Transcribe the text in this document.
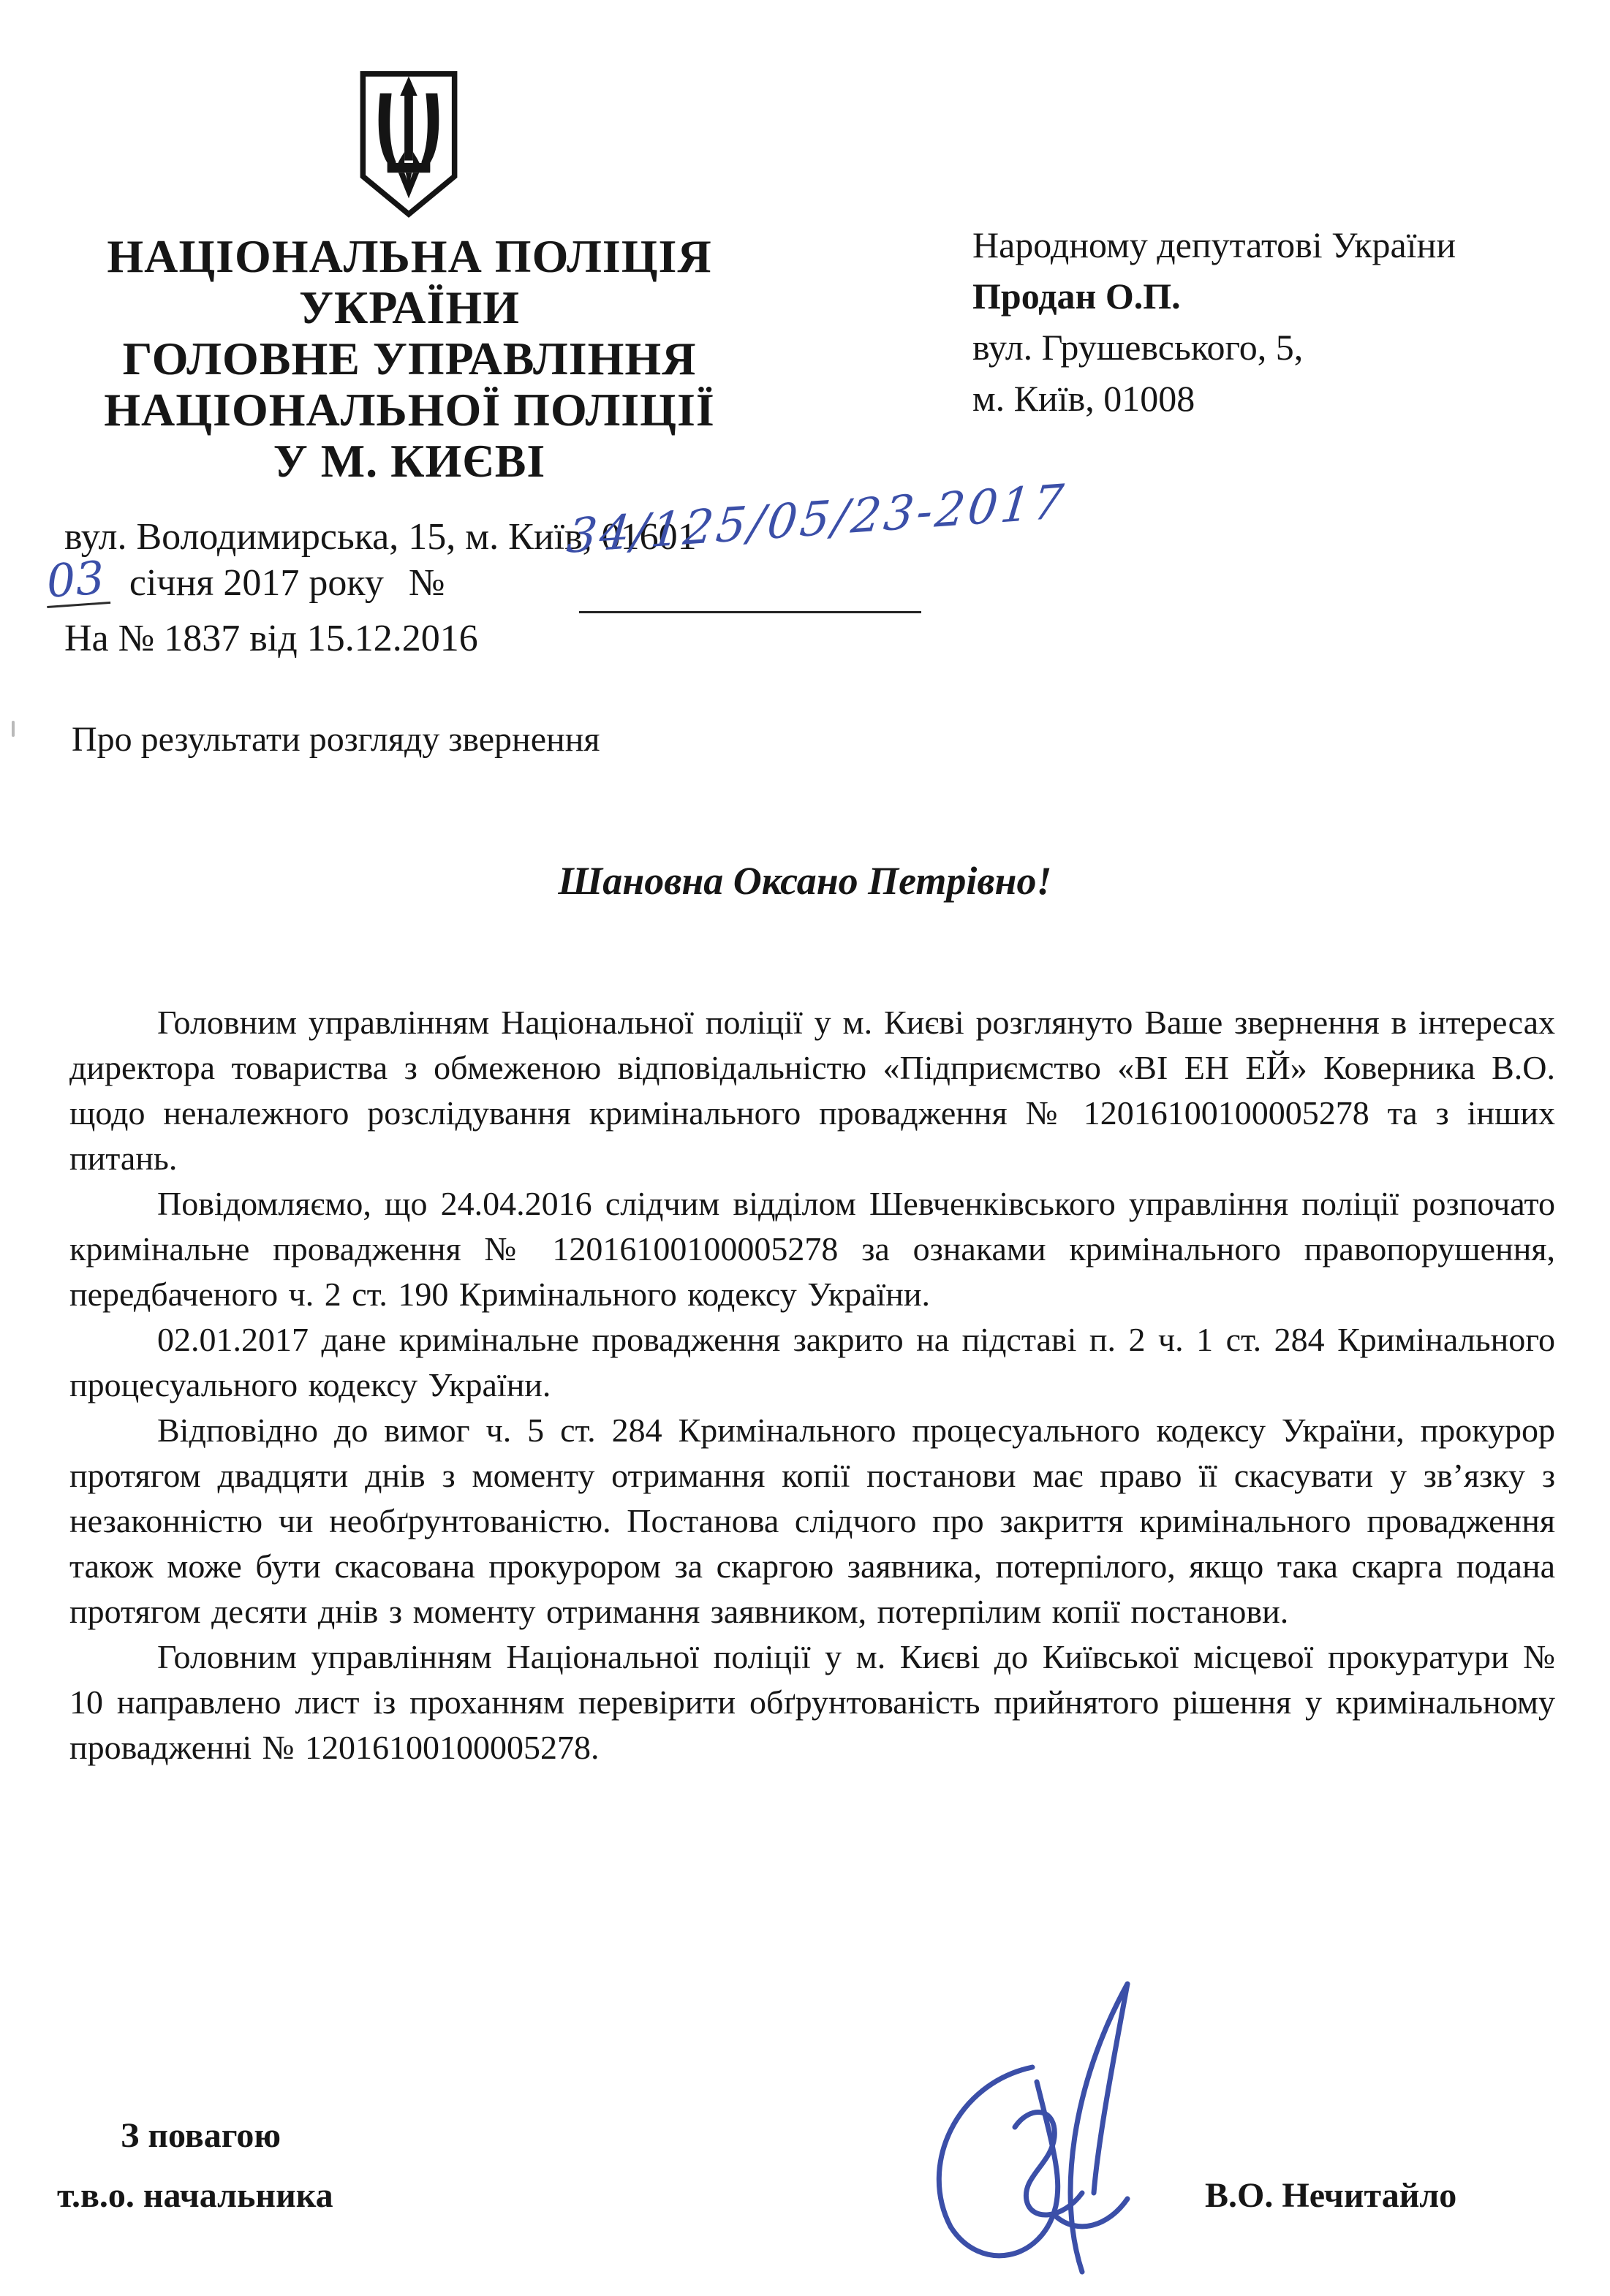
НАЦІОНАЛЬНА ПОЛІЦІЯ
УКРАЇНИ
ГОЛОВНЕ УПРАВЛІННЯ
НАЦІОНАЛЬНОЇ ПОЛІЦІЇ
У М. КИЄВІ
вул. Володимирська, 15, м. Київ, 01601
03 січня 2017 року №
34/125/05/23-2017
На № 1837 від 15.12.2016
Народному депутатові України
Продан О.П.
вул. Грушевського, 5,
м. Київ, 01008
Про результати розгляду звернення
Шановна Оксано Петрівно!

Головним управлінням Національної поліції у м. Києві розглянуто Ваше звернення в інтересах директора товариства з обмеженою відповідальністю «Підприємство «ВІ ЕН ЕЙ» Коверника В.О. щодо неналежного розслідування кримінального провадження № 12016100100005278 та з інших питань.

Повідомляємо, що 24.04.2016 слідчим відділом Шевченківського управління поліції розпочато кримінальне провадження № 12016100100005278 за ознаками кримінального правопорушення, передбаченого ч. 2 ст. 190 Кримінального кодексу України.

02.01.2017 дане кримінальне провадження закрито на підставі п. 2 ч. 1 ст. 284 Кримінального процесуального кодексу України.

Відповідно до вимог ч. 5 ст. 284 Кримінального процесуального кодексу України, прокурор протягом двадцяти днів з моменту отримання копії постанови має право її скасувати у зв’язку з незаконністю чи необґрунтованістю. Постанова слідчого про закриття кримінального провадження також може бути скасована прокурором за скаргою заявника, потерпілого, якщо така скарга подана протягом десяти днів з моменту отримання заявником, потерпілим копії постанови.

Головним управлінням Національної поліції у м. Києві до Київської місцевої прокуратури № 10 направлено лист із проханням перевірити обґрунтованість прийнятого рішення у кримінальному провадженні № 12016100100005278.

З повагою
т.в.о. начальника	В.О. Нечитайло
